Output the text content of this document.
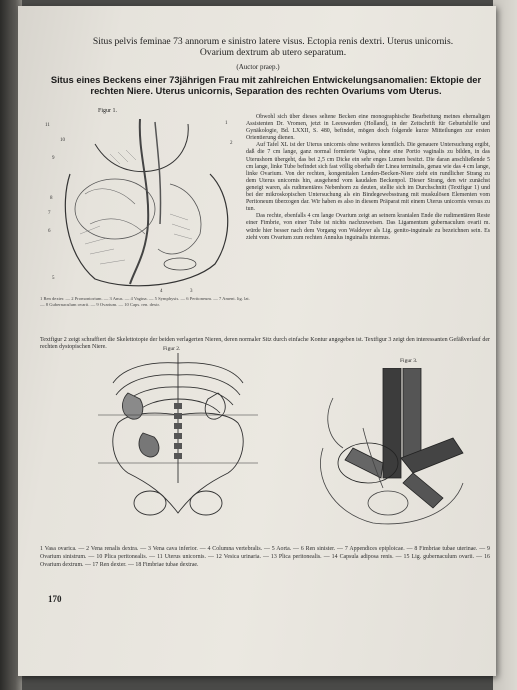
Situs pelvis feminae 73 annorum e sinistro latere visus. Ectopia renis dextri. Uterus unicornis.
Ovarium dextrum ab utero separatum.
(Auctor praep.)
Situs eines Beckens einer 73jährigen Frau mit zahlreichen Entwickelungsanomalien: Ektopie der rechten Niere. Uterus unicornis, Separation des rechten Ovariums vom Uterus.
Figur 1.
11
10
9
8
7
6
5
4	3
2
1
1 Ren dexter. — 2 Promontorium. — 3 Anus. — 4 Vagina. — 5 Symphysis. — 6 Peritoneum. — 7 Ament. lig. lat. — 8 Gubernaculum ovarii. — 9 Ovarium. — 10 Caps. ren. dextr.

Obwohl sich über dieses seltene Becken eine monographische Bearbeitung meines ehemaligen Assistenten Dr. Vromen, jetzt in Leeuwarden (Holland), in der Zeitschrift für Geburtshilfe und Gynäkologie, Bd. LXXII, S. 480, befindet, mögen doch folgende kurze Mitteilungen zur ersten Orientierung dienen.

Auf Tafel XL ist der Uterus unicornis ohne weiteres kenntlich. Die genauere Untersuchung ergibt, daß die 7 cm lange, ganz normal formierte Vagina, ohne eine Portio vaginalis zu bilden, in das Uterushorn übergeht, das bei 2,5 cm Dicke ein sehr enges Lumen besitzt. Die daran anschließende 5 cm lange, linke Tube befindet sich fast völlig oberhalb der Linea terminalis, genau wie das 4 cm lange, linke Ovarium. Von der rechten, kongenitalen Lenden-Becken-Niere zieht ein rundlicher Strang zu dem Uterus unicornis hin, ausgehend vom kaudalen Beckenpol. Dieser Strang, den wir zunächst geneigt waren, als rudimentäres Nebenhorn zu deuten, stellte sich im Durchschnitt (Textfigur 1) und bei der mikroskopischen Untersuchung als ein Bindegewebsstrang mit muskulösen Elementen vom Peritoneum überzogen dar. Wir haben es also in diesem Präparat mit einem Uterus unicornis versus zu tun.

Das rechte, ebenfalls 4 cm lange Ovarium zeigt an seinem kranialen Ende die rudimentären Reste einer Fimbrie, von einer Tube ist nichts nachzuweisen. Das Ligamentum gubernaculum ovarii m. würde hier besser nach dem Vorgang von Waldeyer als Lig. genito-inguinale zu bezeichnen sein. Es zieht vom Ovarium zum rechten Annulus inguinalis internus.

Textfigur 2 zeigt schraffiert die Skelettotopie der beiden verlagerten Nieren, deren normaler Sitz durch einfache Kontur angegeben ist. Textfigur 3 zeigt den interessanten Gefäßverlauf der rechten dystopischen Niere.	Figur 2.
Figur 3.
1 Vasa ovarica. — 2 Vena renalis dextra. — 3 Vena cava inferior. — 4 Columna vertebralis. — 5 Aorta. — 6 Ren sinister. — 7 Appendices epiploicae. — 8 Fimbriae tubae uterinae. — 9 Ovarium sinistrum. — 10 Plica peritonealis. — 11 Uterus unicornis. — 12 Vesica urinaria. — 13 Plica peritonealis. — 14 Capsula adiposa renis. — 15 Lig. gubernaculum ovarii. — 16 Ovarium dextrum. — 17 Ren dexter. — 18 Fimbriae tubae dextrae.
170
